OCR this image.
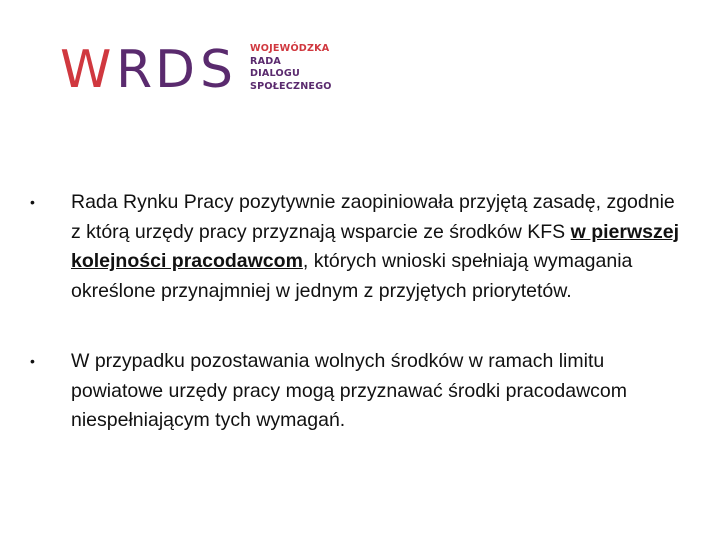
W R D S WOJEWÓDZKA
RADA
DIALOGU
SPOŁECZNEGO
•	Rada Rynku Pracy pozytywnie zaopiniowała przyjętą zasadę, zgodnie z którą urzędy pracy przyznają wsparcie ze środków KFS w pierwszej kolejności pracodawcom, których wnioski spełniają wymagania określone przynajmniej w jednym z przyjętych priorytetów.
•	W przypadku pozostawania wolnych środków w ramach limitu powiatowe urzędy pracy mogą przyznawać środki pracodawcom niespełniającym tych wymagań.
